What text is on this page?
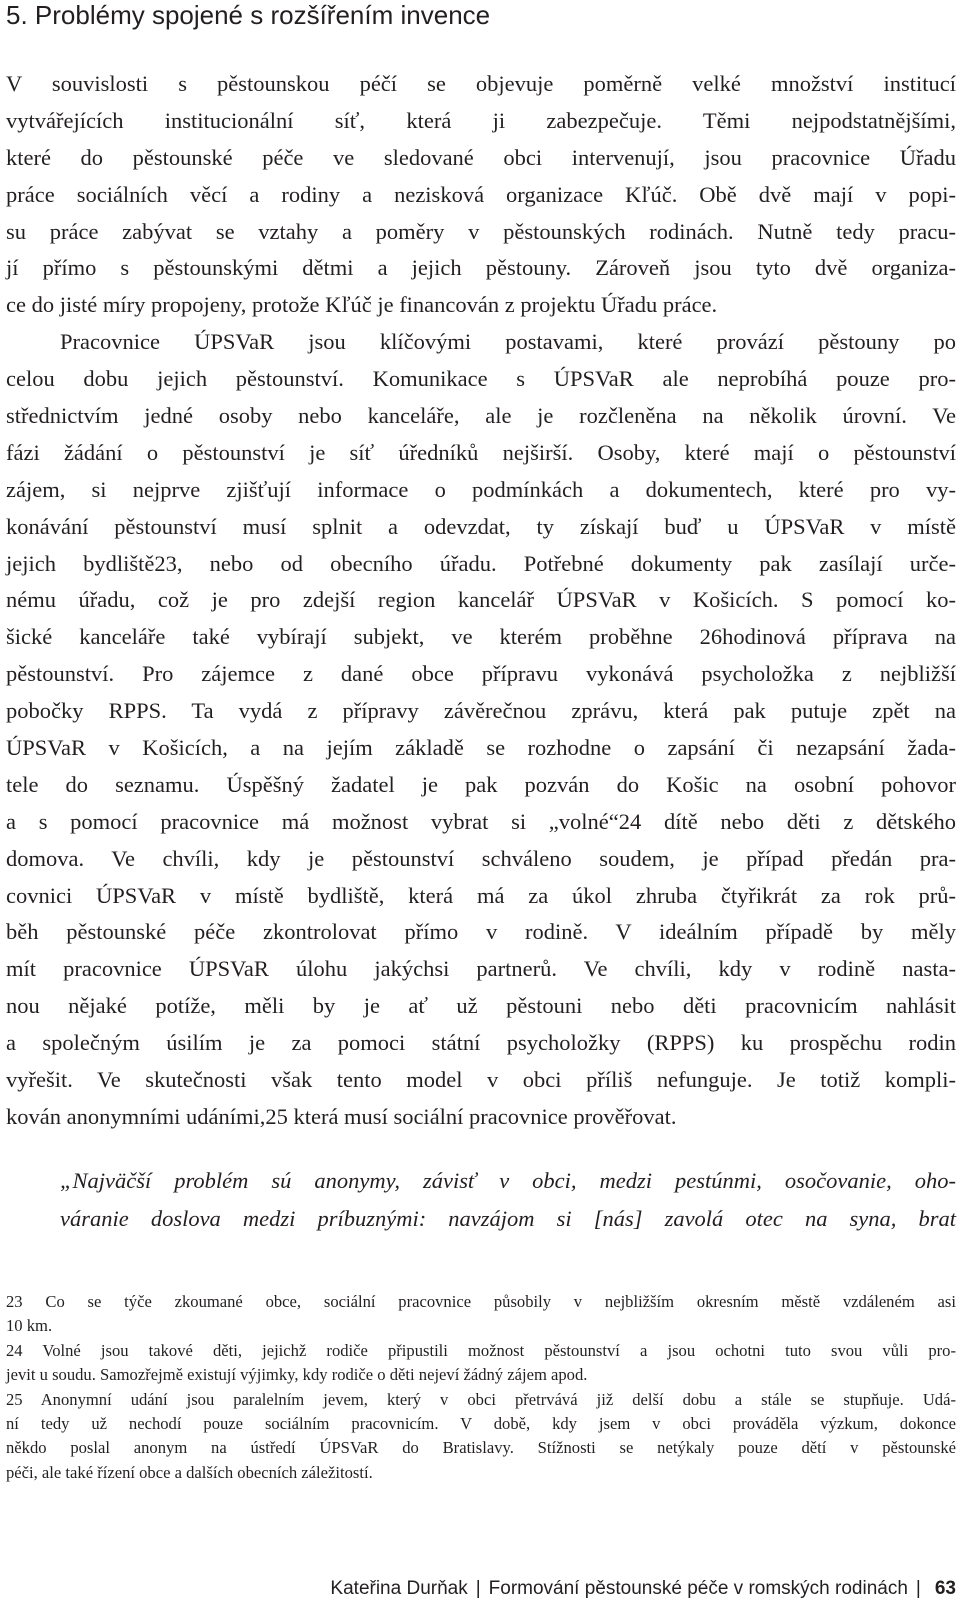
5. Problémy spojené s rozšířením invence
V souvislosti s pěstounskou péčí se objevuje poměrně velké množství institucí
vytvářejících institucionální síť, která ji zabezpečuje. Těmi nejpodstatnějšími,
které do pěstounské péče ve sledované obci intervenují, jsou pracovnice Úřadu
práce sociálních věcí a rodiny a nezisková organizace Kľúč. Obě dvě mají v popi-
su práce zabývat se vztahy a poměry v pěstounských rodinách. Nutně tedy pracu-
jí přímo s pěstounskými dětmi a jejich pěstouny. Zároveň jsou tyto dvě organiza-
ce do jisté míry propojeny, protože Kľúč je financován z projektu Úřadu práce.
Pracovnice ÚPSVaR jsou klíčovými postavami, které provází pěstouny po
celou dobu jejich pěstounství. Komunikace s ÚPSVaR ale neprobíhá pouze pro-
střednictvím jedné osoby nebo kanceláře, ale je rozčleněna na několik úrovní. Ve
fázi žádání o pěstounství je síť úředníků nejširší. Osoby, které mají o pěstounství
zájem, si nejprve zjišťují informace o podmínkách a dokumentech, které pro vy-
konávání pěstounství musí splnit a odevzdat, ty získají buď u ÚPSVaR v místě
jejich bydliště23, nebo od obecního úřadu. Potřebné dokumenty pak zasílají urče-
nému úřadu, což je pro zdejší region kancelář ÚPSVaR v Košicích. S pomocí ko-
šické kanceláře také vybírají subjekt, ve kterém proběhne 26hodinová příprava na
pěstounství. Pro zájemce z dané obce přípravu vykonává psycholožka z nejbližší
pobočky RPPS. Ta vydá z přípravy závěrečnou zprávu, která pak putuje zpět na
ÚPSVaR v Košicích, a na jejím základě se rozhodne o zapsání či nezapsání žada-
tele do seznamu. Úspěšný žadatel je pak pozván do Košic na osobní pohovor
a s pomocí pracovnice má možnost vybrat si „volné“24 dítě nebo děti z dětského
domova. Ve chvíli, kdy je pěstounství schváleno soudem, je případ předán pra-
covnici ÚPSVaR v místě bydliště, která má za úkol zhruba čtyřikrát za rok prů-
běh pěstounské péče zkontrolovat přímo v rodině. V ideálním případě by měly
mít pracovnice ÚPSVaR úlohu jakýchsi partnerů. Ve chvíli, kdy v rodině nasta-
nou nějaké potíže, měli by je ať už pěstouni nebo děti pracovnicím nahlásit
a společným úsilím je za pomoci státní psycholožky (RPPS) ku prospěchu rodin
vyřešit. Ve skutečnosti však tento model v obci příliš nefunguje. Je totiž kompli-
kován anonymními udáními,25 která musí sociální pracovnice prověřovat.
„Najväčší problém sú anonymy, závisť v obci, medzi pestúnmi, osočovanie, oho-
váranie doslova medzi príbuznými: navzájom si [nás] zavolá otec na syna, brat
23 Co se týče zkoumané obce, sociální pracovnice působily v nejbližším okresním městě vzdáleném asi
10 km.
24 Volné jsou takové děti, jejichž rodiče připustili možnost pěstounství a jsou ochotni tuto svou vůli pro-
jevit u soudu. Samozřejmě existují výjimky, kdy rodiče o děti nejeví žádný zájem apod.
25 Anonymní udání jsou paralelním jevem, který v obci přetrvává již delší dobu a stále se stupňuje. Udá-
ní tedy už nechodí pouze sociálním pracovnicím. V době, kdy jsem v obci prováděla výzkum, dokonce
někdo poslal anonym na ústředí ÚPSVaR do Bratislavy. Stížnosti se netýkaly pouze dětí v pěstounské
péči, ale také řízení obce a dalších obecních záležitostí.
Kateřina Durňak | Formování pěstounské péče v romských rodinách | 63
